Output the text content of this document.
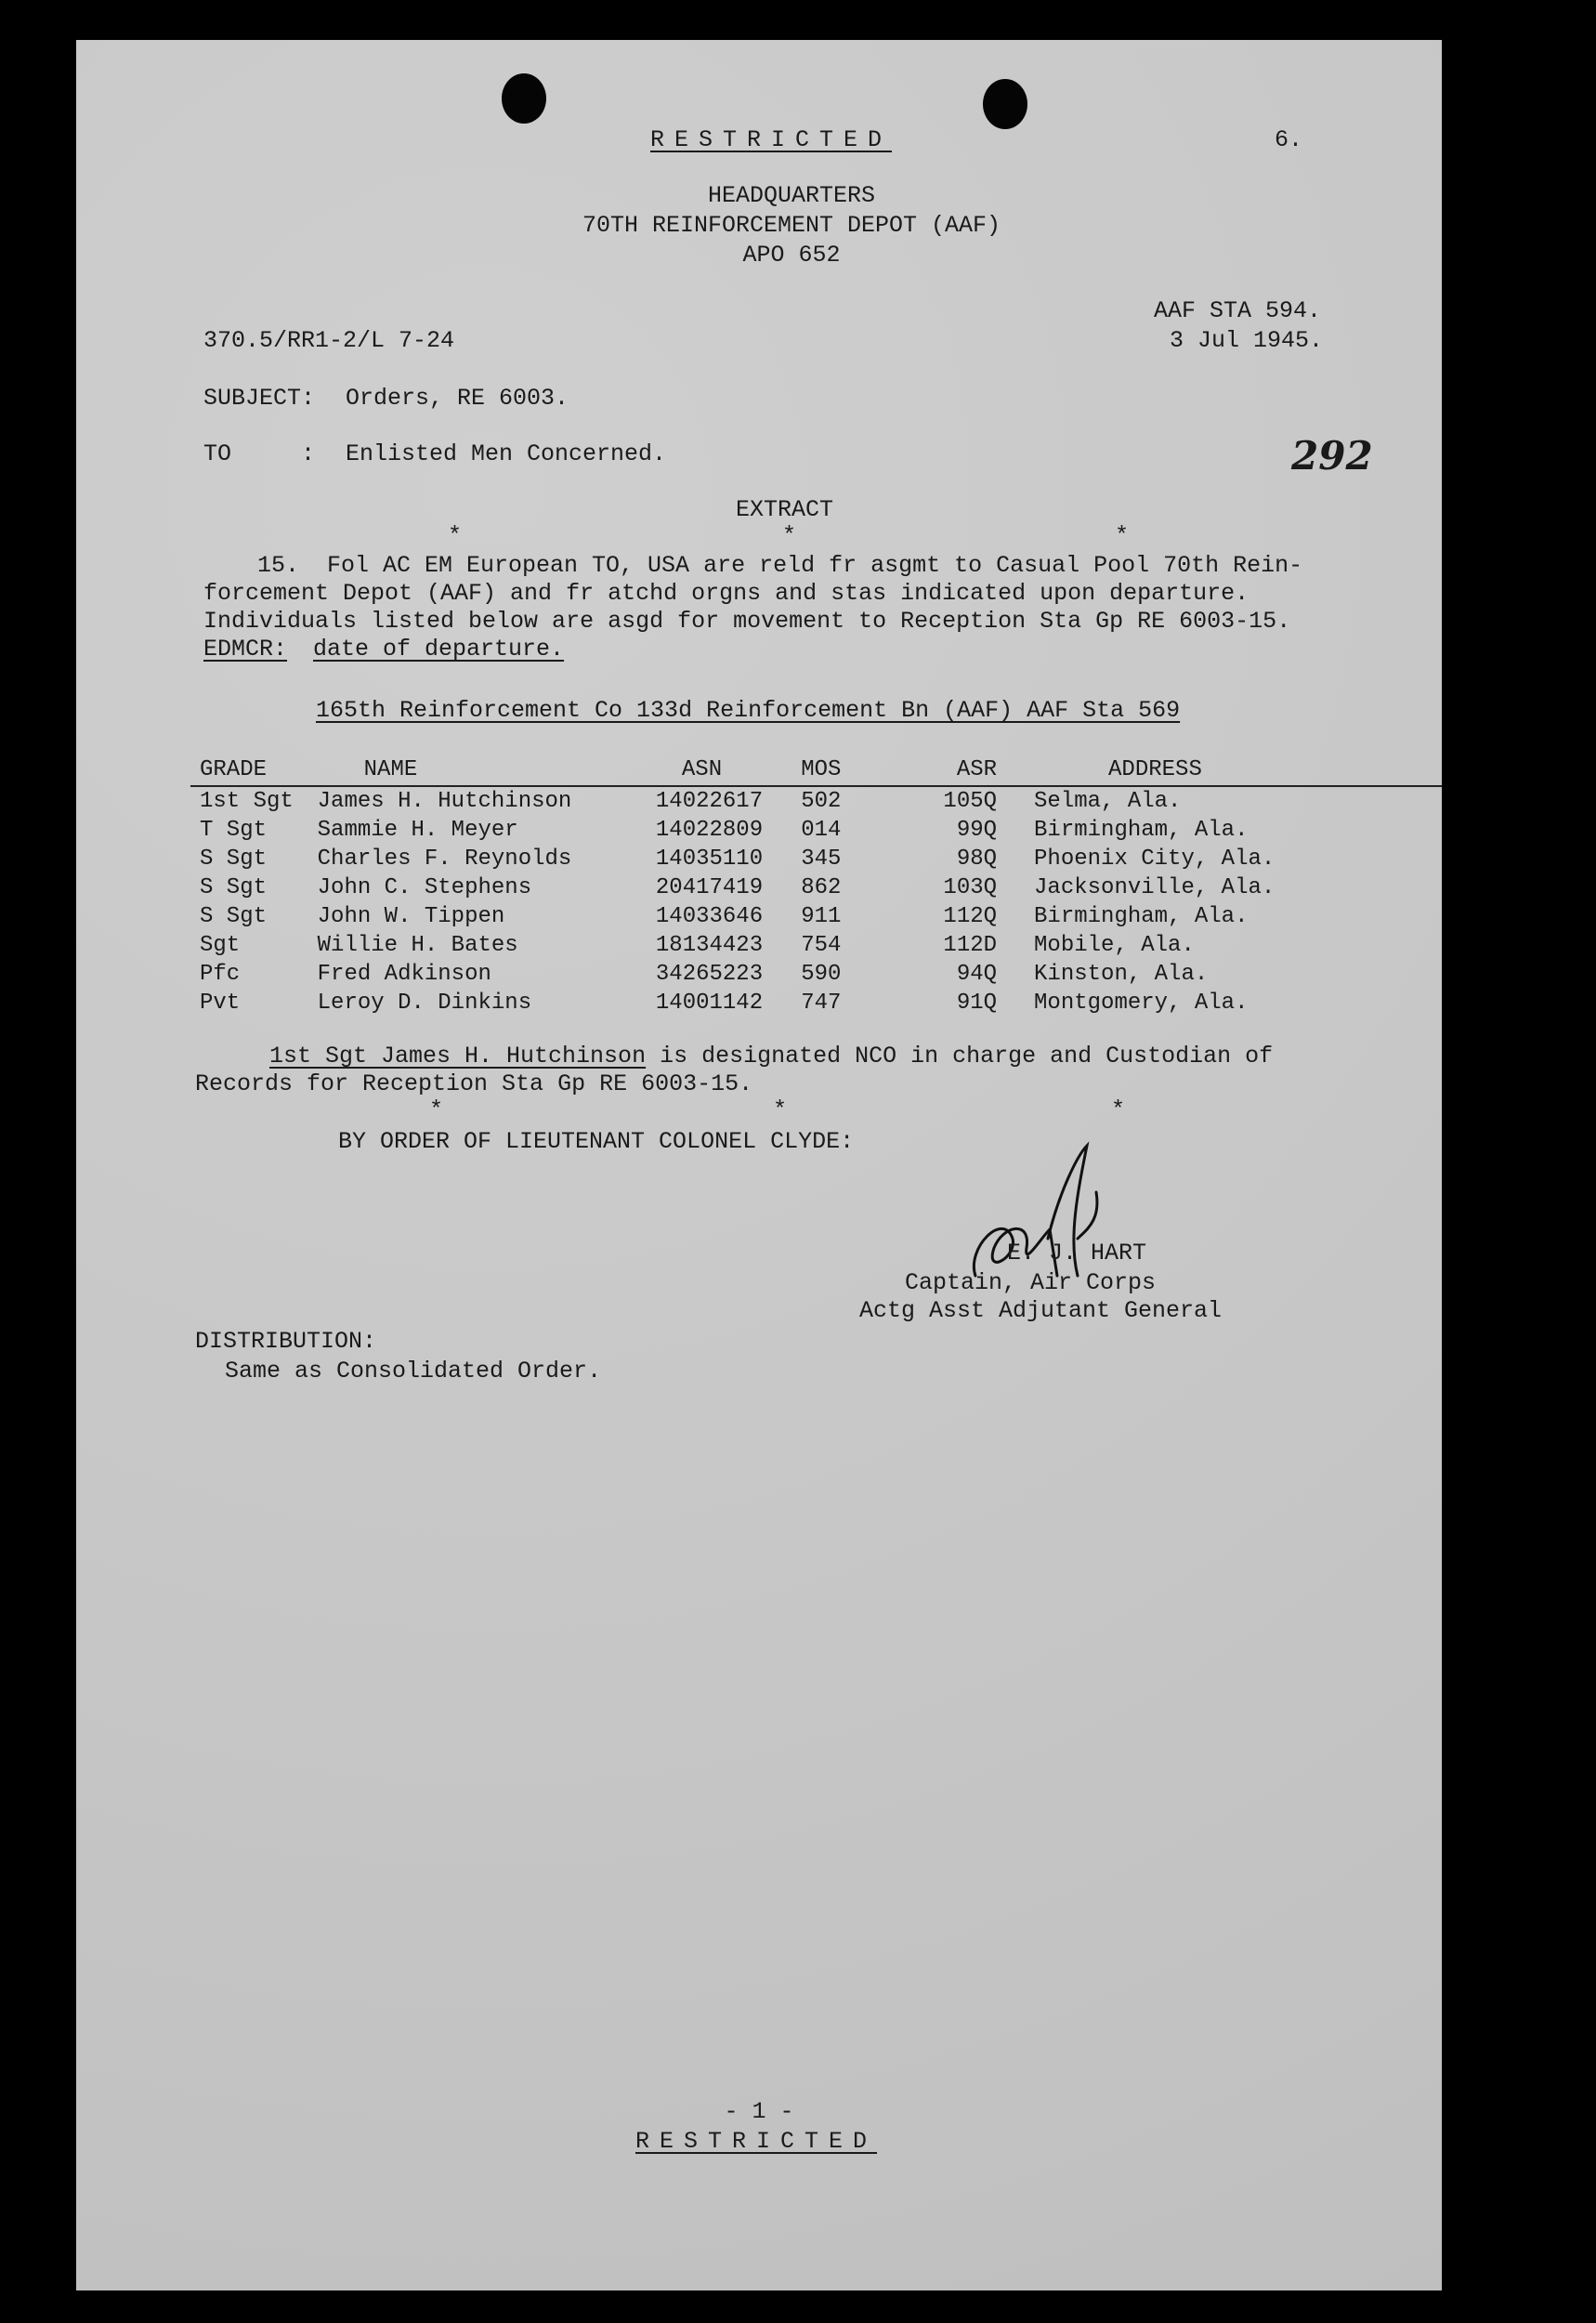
RESTRICTED	6.
HEADQUARTERS
70TH REINFORCEMENT DEPOT (AAF)
APO 652
AAF STA 594.
370.5/RR1-2/L 7-24	3 Jul 1945.
SUBJECT: Orders, RE 6003.
TO	: Enlisted Men Concerned.	292
EXTRACT
*	*	*
15. Fol AC EM European TO, USA are reld fr asgmt to Casual Pool 70th Rein-
forcement Depot (AAF) and fr atchd orgns and stas indicated upon departure.
Individuals listed below are asgd for movement to Reception Sta Gp RE 6003-15.
EDMCR: date of departure.
165th Reinforcement Co 133d Reinforcement Bn (AAF) AAF Sta 569
GRADE	NAME	ASN	MOS	ASR	ADDRESS
1st Sgt	James H. Hutchinson	14022617	502	105Q	Selma, Ala.
T Sgt	Sammie H. Meyer	14022809	014	99Q	Birmingham, Ala.
S Sgt	Charles F. Reynolds	14035110	345	98Q	Phoenix City, Ala.
S Sgt	John C. Stephens	20417419	862	103Q	Jacksonville, Ala.
S Sgt	John W. Tippen	14033646	911	112Q	Birmingham, Ala.
Sgt	Willie H. Bates	18134423	754	112D	Mobile, Ala.
Pfc	Fred Adkinson	34265223	590	94Q	Kinston, Ala.
Pvt	Leroy D. Dinkins	14001142	747	91Q	Montgomery, Ala.
1st Sgt James H. Hutchinson is designated NCO in charge and Custodian of
Records for Reception Sta Gp RE 6003-15.
*	*	*
BY ORDER OF LIEUTENANT COLONEL CLYDE:
E. J. HART
Captain, Air Corps
Actg Asst Adjutant General
DISTRIBUTION:
Same as Consolidated Order.
- 1 -
RESTRICTED
